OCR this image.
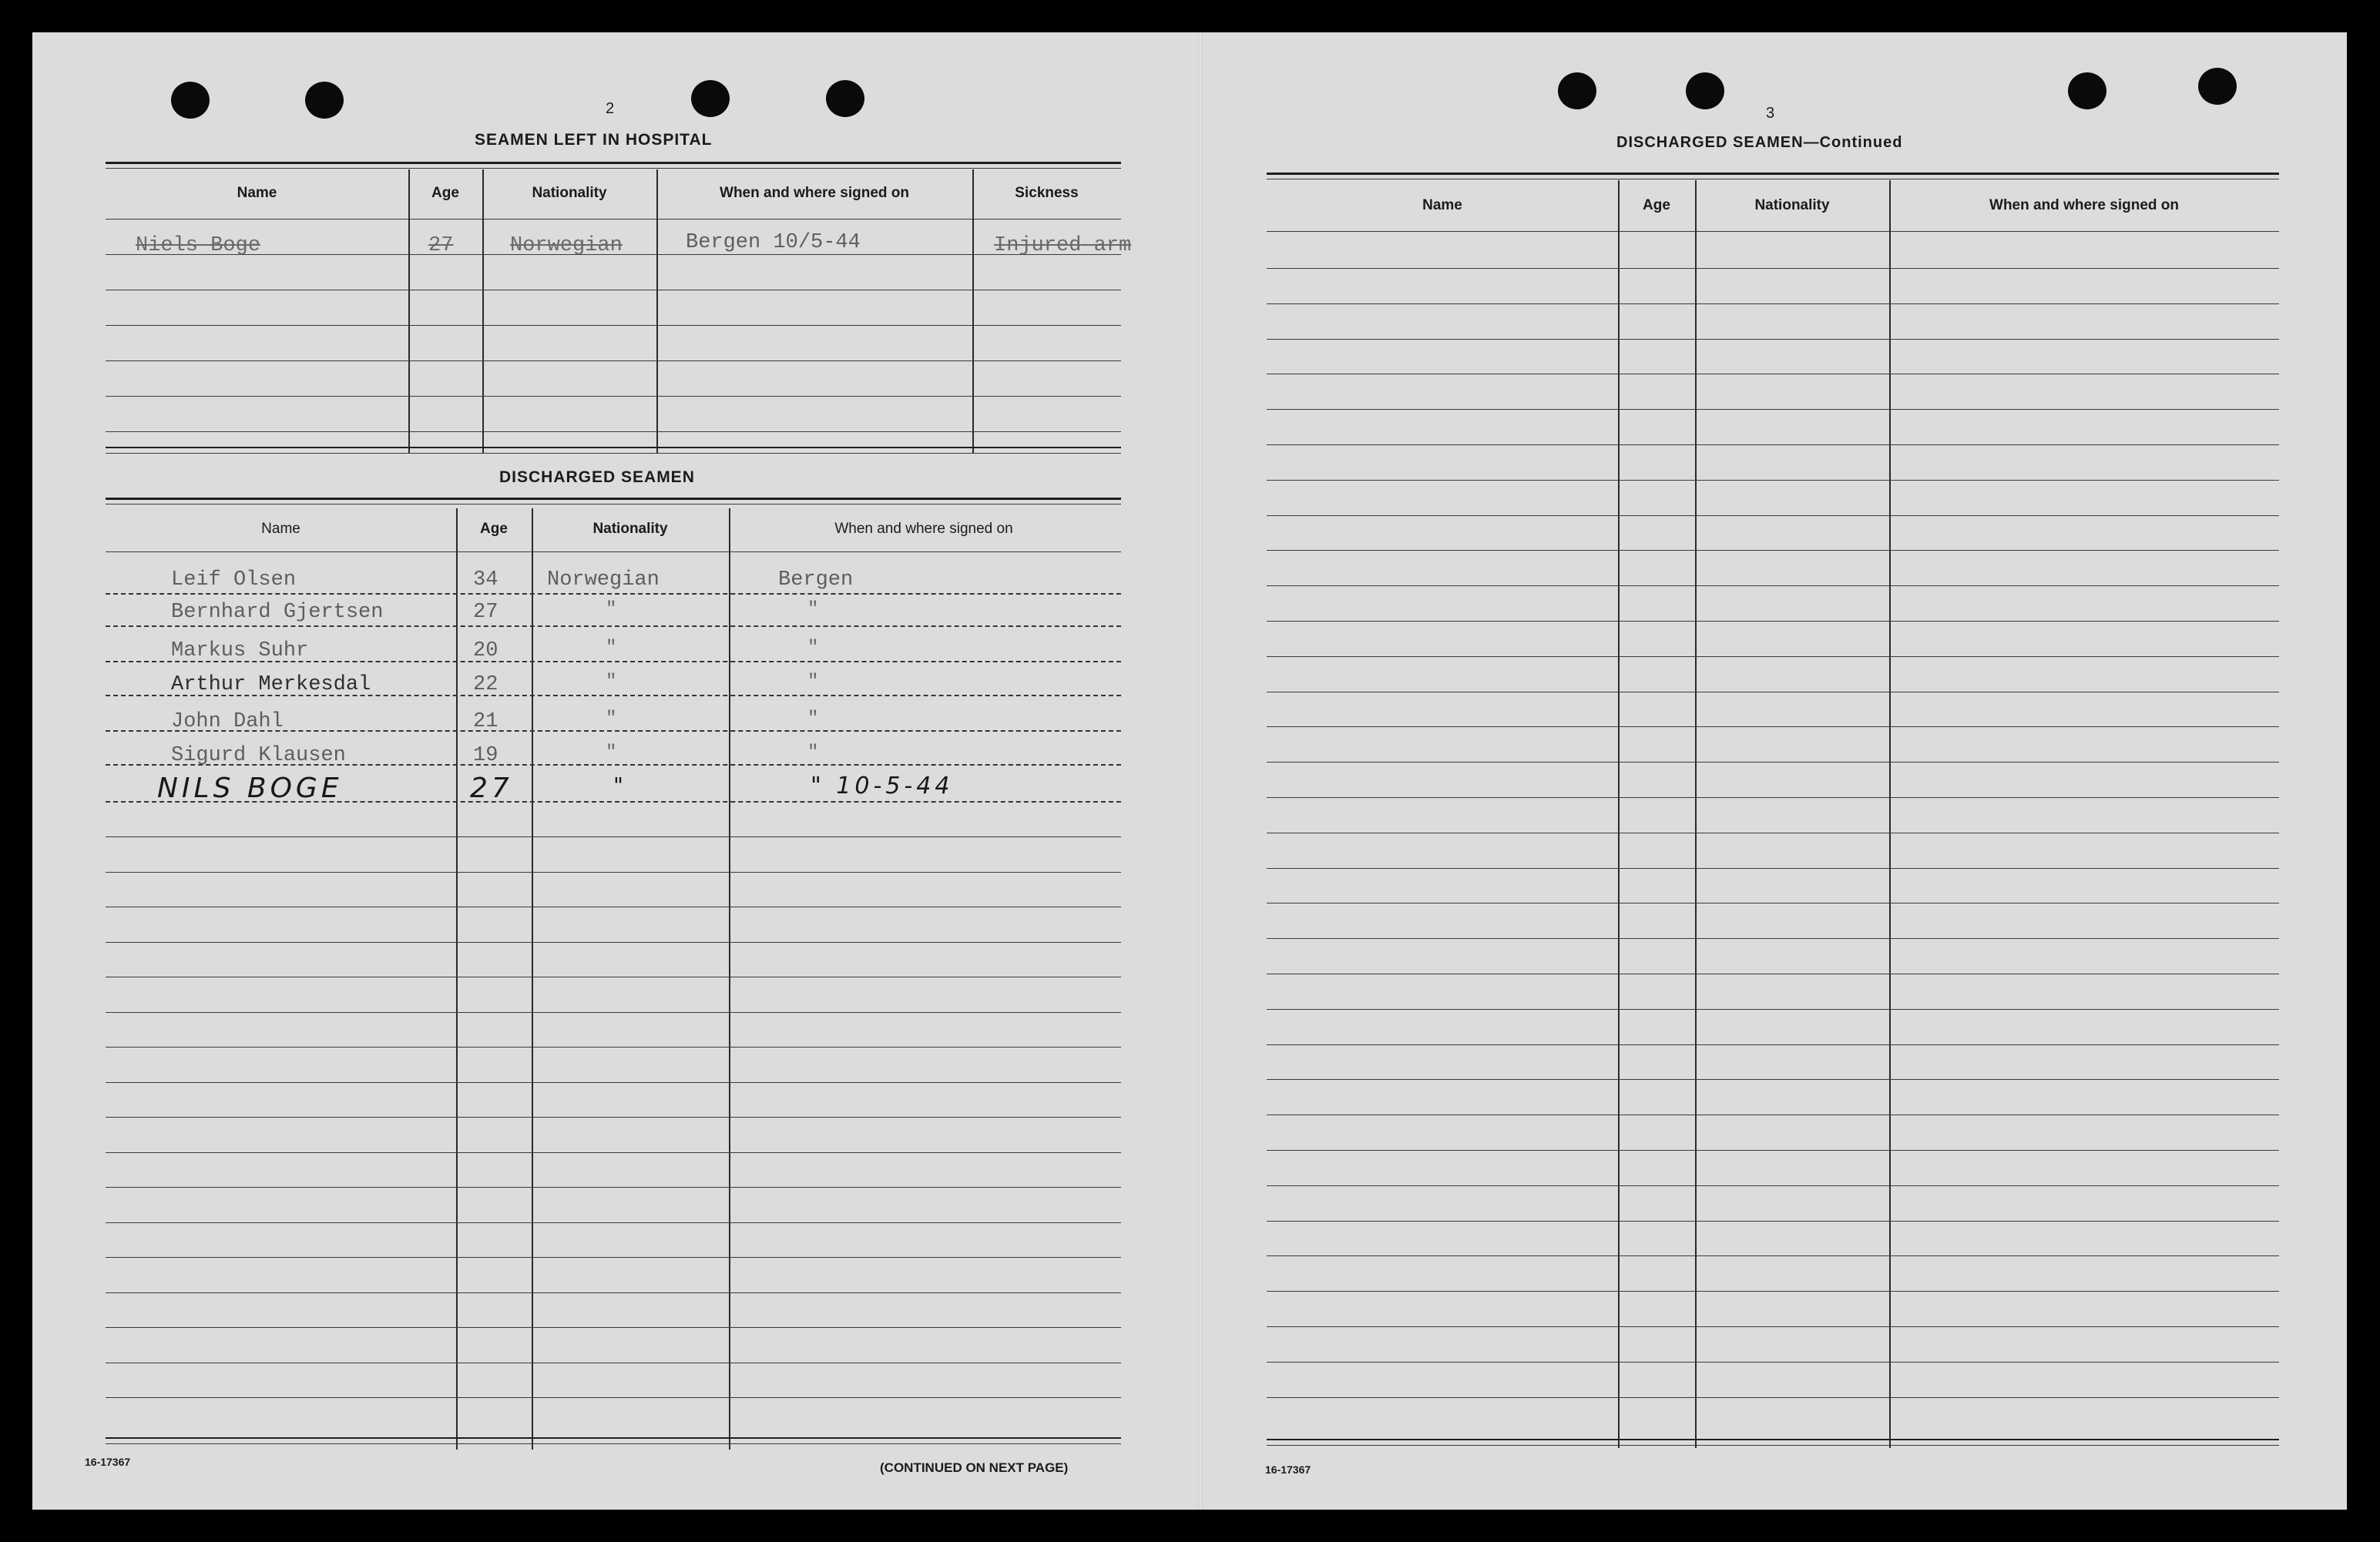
2
SEAMEN LEFT IN HOSPITAL
Name	Age	Nationality	When and where signed on	Sickness
Niels Boge	27	Norwegian	Bergen 10/5-44	Injured arm
DISCHARGED SEAMEN
Name	Age	Nationality	When and where signed on
Leif Olsen	34 Norwegian	Bergen
Bernhard Gjertsen	27	"	"
Markus Suhr	20	"	"
Arthur Merkesdal	22	"	"
John Dahl	21	"	"
Sigurd Klausen	19	"	"
NILS BOGE	27	"	" 10-5-44
16-17367	(CONTINUED ON NEXT PAGE)
3
DISCHARGED SEAMEN—Continued
Name	Age	Nationality	When and where signed on
16-17367
